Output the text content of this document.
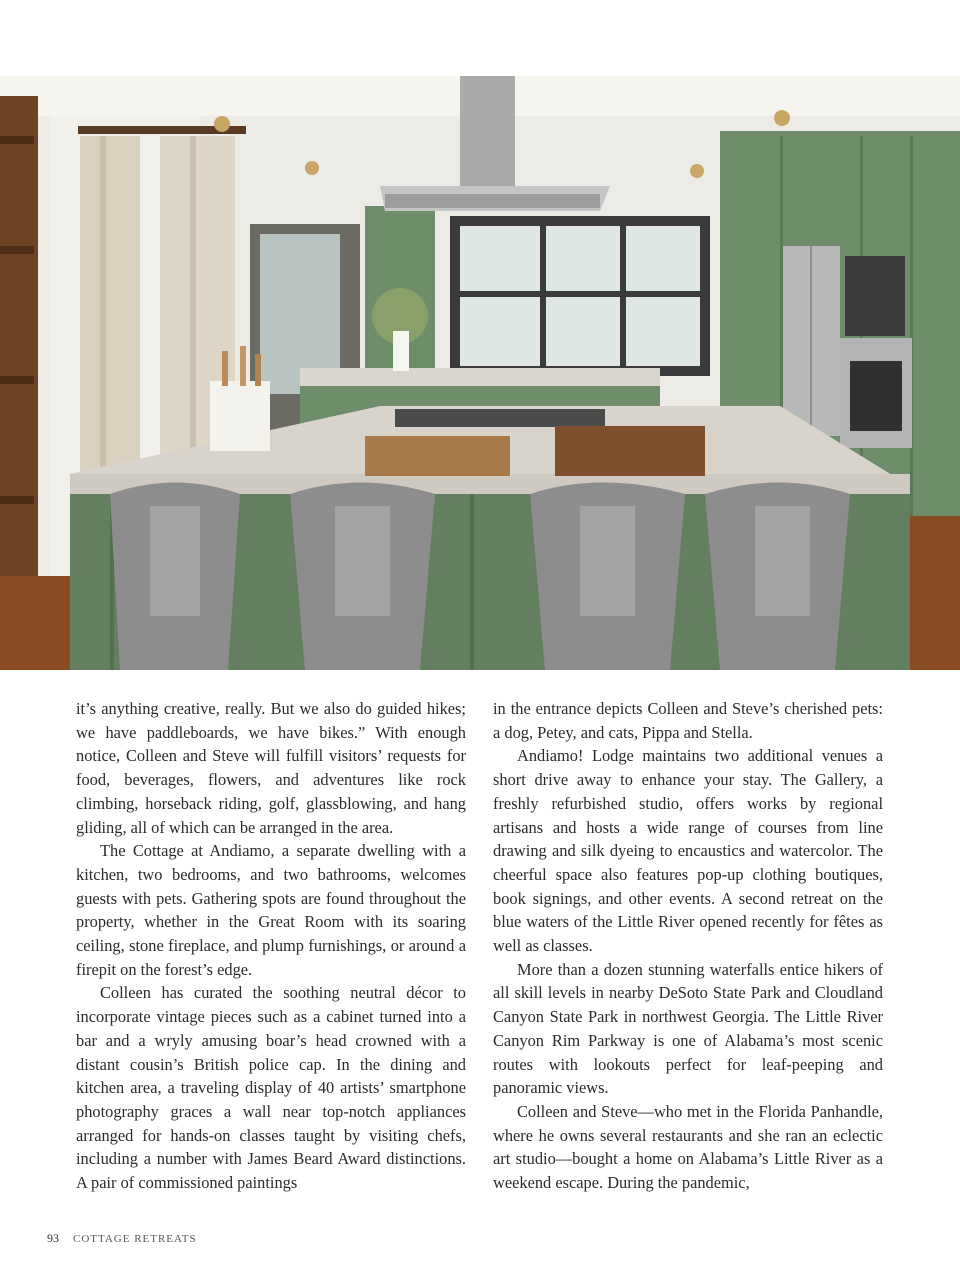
it’s anything creative, really. But we also do guided hikes; we have paddleboards, we have bikes.” With enough notice, Colleen and Steve will fulfill visitors’ requests for food, beverages, flowers, and adventures like rock climbing, horseback riding, golf, glassblowing, and hang gliding, all of which can be arranged in the area.

The Cottage at Andiamo, a separate dwelling with a kitchen, two bedrooms, and two bathrooms, welcomes guests with pets. Gathering spots are found throughout the property, whether in the Great Room with its soaring ceiling, stone fireplace, and plump furnishings, or around a firepit on the forest’s edge.

Colleen has curated the soothing neutral décor to incorporate vintage pieces such as a cabinet turned into a bar and a wryly amusing boar’s head crowned with a distant cousin’s British police cap. In the dining and kitchen area, a traveling display of 40 artists’ smartphone photography graces a wall near top-notch appliances arranged for hands-on classes taught by visiting chefs, including a number with James Beard Award distinctions. A pair of commissioned paintings

in the entrance depicts Colleen and Steve’s cherished pets: a dog, Petey, and cats, Pippa and Stella.

Andiamo! Lodge maintains two additional venues a short drive away to enhance your stay. The Gallery, a freshly refurbished studio, offers works by regional artisans and hosts a wide range of courses from line drawing and silk dyeing to encaustics and watercolor. The cheerful space also features pop-up clothing boutiques, book signings, and other events. A second retreat on the blue waters of the Little River opened recently for fêtes as well as classes.

More than a dozen stunning waterfalls entice hikers of all skill levels in nearby DeSoto State Park and Cloudland Canyon State Park in northwest Georgia. The Little River Canyon Rim Parkway is one of Alabama’s most scenic routes with lookouts perfect for leaf-peeping and panoramic views.

Colleen and Steve—who met in the Florida Panhandle, where he owns several restaurants and she ran an eclectic art studio—bought a home on Alabama’s Little River as a weekend escape. During the pandemic,

93 COTTAGE RETREATS
